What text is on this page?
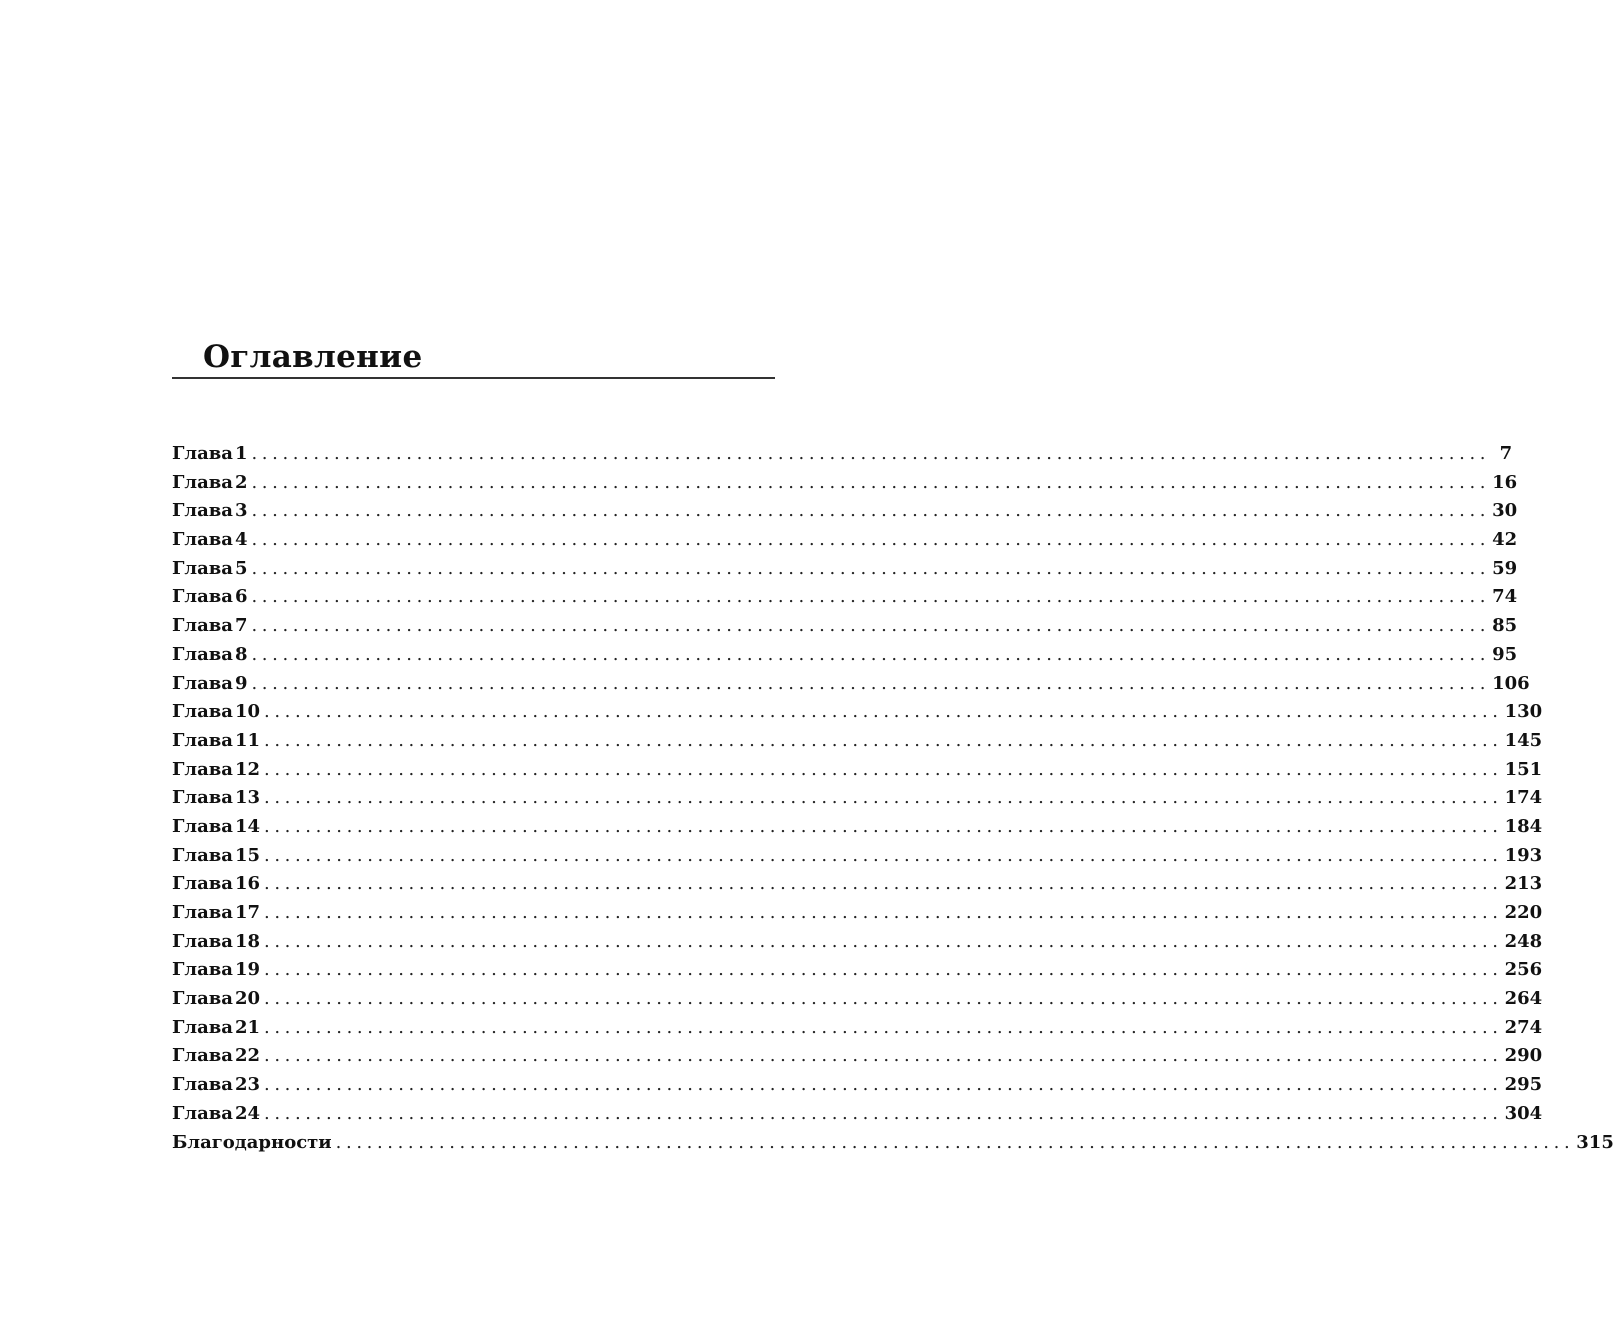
Оглавление
Глава 1 ........................................................................................................................ 7
Глава 2 ........................................................................................................................ 16
Глава 3 ........................................................................................................................ 30
Глава 4 ........................................................................................................................ 42
Глава 5 ........................................................................................................................ 59
Глава 6 ........................................................................................................................ 74
Глава 7 ........................................................................................................................ 85
Глава 8 ........................................................................................................................ 95
Глава 9 ........................................................................................................................ 106
Глава 10 ........................................................................................................................ 130
Глава 11 ........................................................................................................................ 145
Глава 12 ........................................................................................................................ 151
Глава 13 ........................................................................................................................ 174
Глава 14 ........................................................................................................................ 184
Глава 15 ........................................................................................................................ 193
Глава 16 ........................................................................................................................ 213
Глава 17 ........................................................................................................................ 220
Глава 18 ........................................................................................................................ 248
Глава 19 ........................................................................................................................ 256
Глава 20 ........................................................................................................................ 264
Глава 21 ........................................................................................................................ 274
Глава 22 ........................................................................................................................ 290
Глава 23 ........................................................................................................................ 295
Глава 24 ........................................................................................................................ 304
Благодарности ........................................................................................................................ 315
